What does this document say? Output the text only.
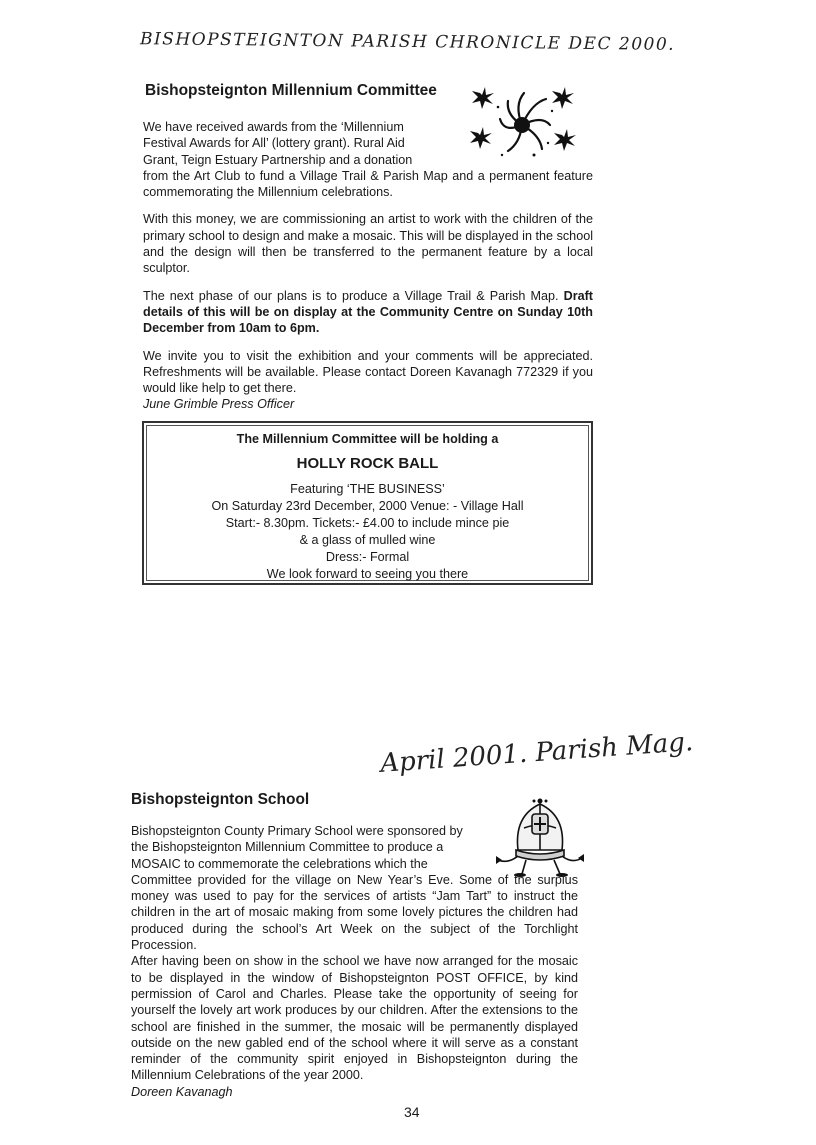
BISHOPSTEIGNTON PARISH CHRONICLE DEC 2000.
Bishopsteignton Millennium Committee
We have received awards from the ‘Millennium
Festival Awards for All’ (lottery grant). Rural Aid
Grant, Teign Estuary Partnership and a donation

from the Art Club to fund a Village Trail & Parish Map and a permanent feature commemorating the Millennium celebrations.

With this money, we are commissioning an artist to work with the children of the primary school to design and make a mosaic. This will be displayed in the school and the design will then be transferred to the permanent feature by a local sculptor.

The next phase of our plans is to produce a Village Trail & Parish Map. Draft details of this will be on display at the Community Centre on Sunday 10th December from 10am to 6pm.

We invite you to visit the exhibition and your comments will be appreciated. Refreshments will be available. Please contact Doreen Kavanagh 772329 if you would like help to get there.

June Grimble Press Officer

The Millennium Committee will be holding a
HOLLY ROCK BALL
Featuring ‘THE BUSINESS’
On Saturday 23rd December, 2000 Venue: - Village Hall
Start:- 8.30pm. Tickets:- £4.00 to include mince pie
& a glass of mulled wine
Dress:- Formal
We look forward to seeing you there
April 2001. Parish Mag.
Bishopsteignton School
Bishopsteignton County Primary School were sponsored by
the Bishopsteignton Millennium Committee to produce a
MOSAIC to commemorate the celebrations which the

Committee provided for the village on New Year’s Eve. Some of the surplus money was used to pay for the services of artists “Jam Tart” to instruct the children in the art of mosaic making from some lovely pictures the children had produced during the school’s Art Week on the subject of the Torchlight Procession.

After having been on show in the school we have now arranged for the mosaic to be displayed in the window of Bishopsteignton POST OFFICE, by kind permission of Carol and Charles. Please take the opportunity of seeing for yourself the lovely art work produces by our children. After the extensions to the school are finished in the summer, the mosaic will be permanently displayed outside on the new gabled end of the school where it will serve as a constant reminder of the community spirit enjoyed in Bishopsteignton during the Millennium Celebrations of the year 2000.

Doreen Kavanagh

34
